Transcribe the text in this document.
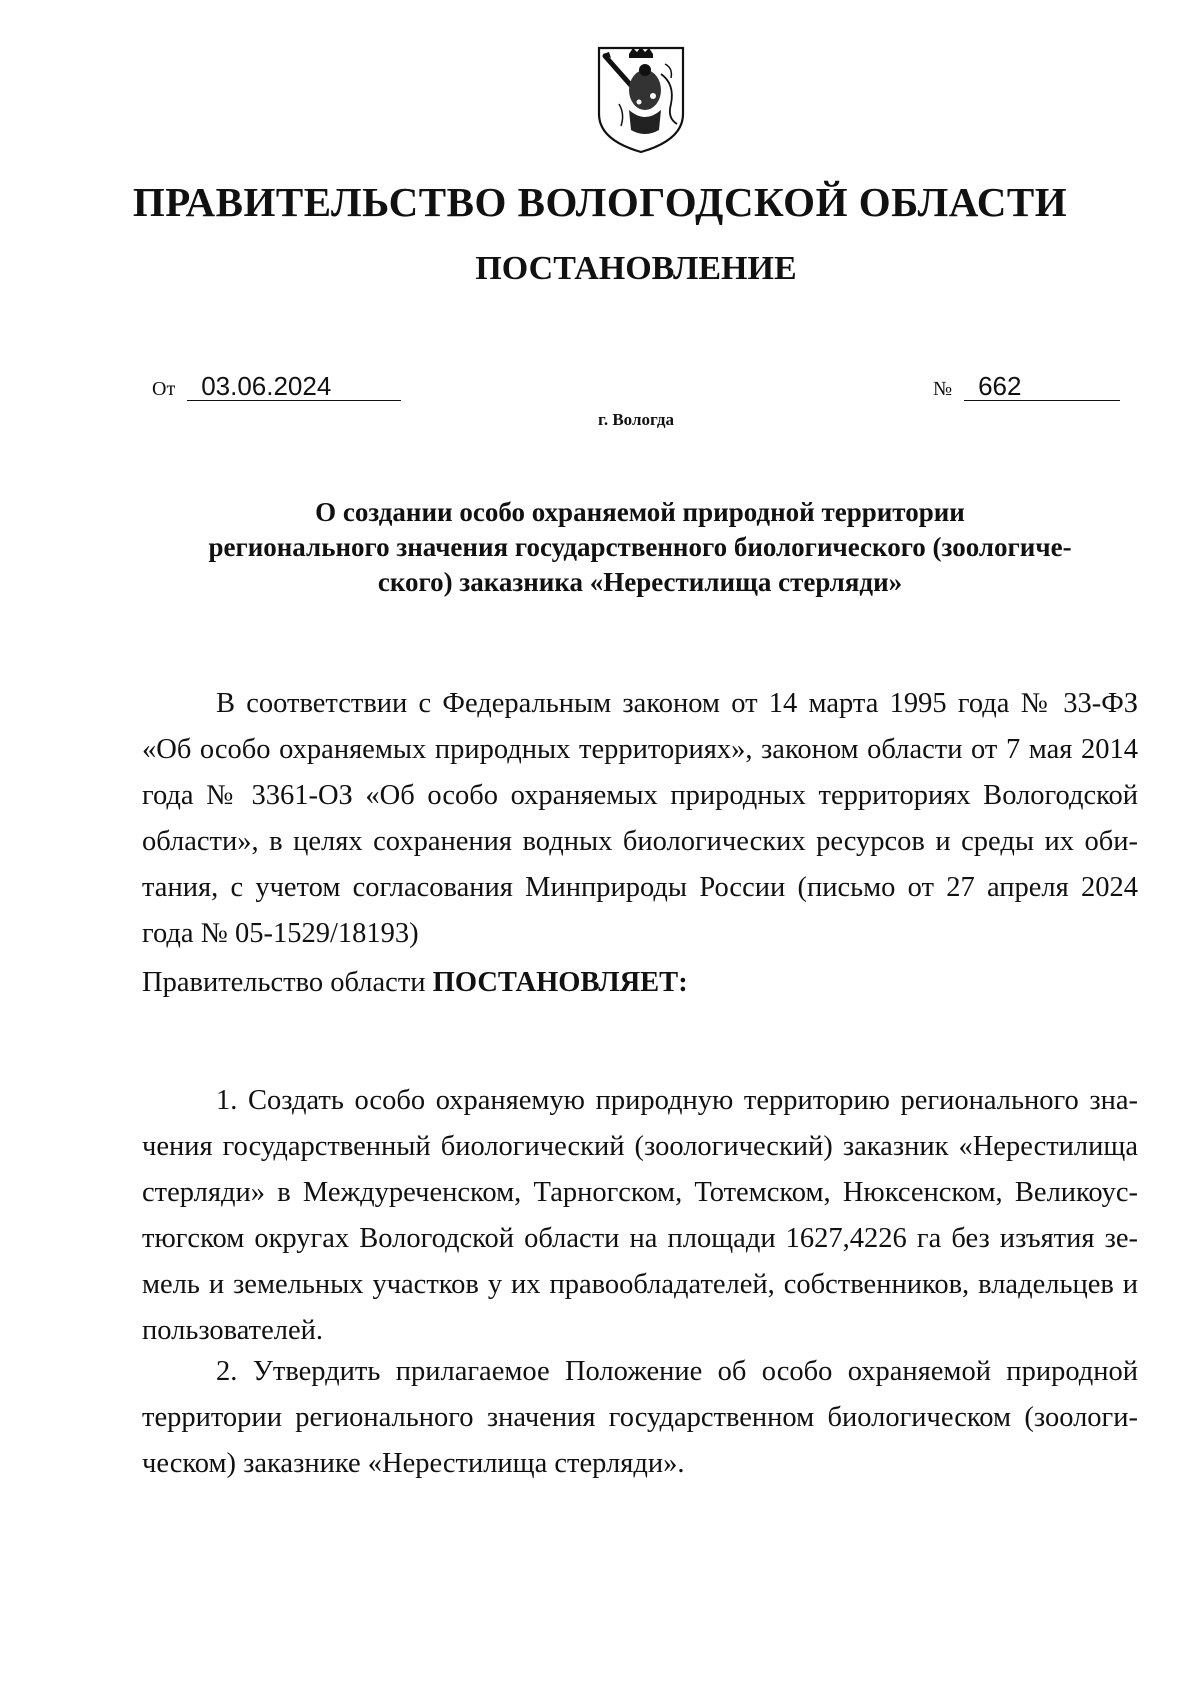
ПРАВИТЕЛЬСТВО ВОЛОГОДСКОЙ ОБЛАСТИ
ПОСТАНОВЛЕНИЕ
От	03.06.2024	№	662
г. Вологда
О создании особо охраняемой природной территории
регионального значения государственного биологического (зоологиче-
ского) заказника «Нерестилища стерляди»
В соответствии с Федеральным законом от 14 марта 1995 года № 33-ФЗ
«Об особо охраняемых природных территориях», законом области от 7 мая 2014
года № 3361-ОЗ «Об особо охраняемых природных территориях Вологодской
области», в целях сохранения водных биологических ресурсов и среды их оби-
тания, с учетом согласования Минприроды России (письмо от 27 апреля 2024
года № 05-1529/18193)
Правительство области ПОСТАНОВЛЯЕТ:
1. Создать особо охраняемую природную территорию регионального зна-
чения государственный биологический (зоологический) заказник «Нерестилища
стерляди» в Междуреченском, Тарногском, Тотемском, Нюксенском, Великоус-
тюгском округах Вологодской области на площади 1627,4226 га без изъятия зе-
мель и земельных участков у их правообладателей, собственников, владельцев и
пользователей.
2. Утвердить прилагаемое Положение об особо охраняемой природной
территории регионального значения государственном биологическом (зоологи-
ческом) заказнике «Нерестилища стерляди».
